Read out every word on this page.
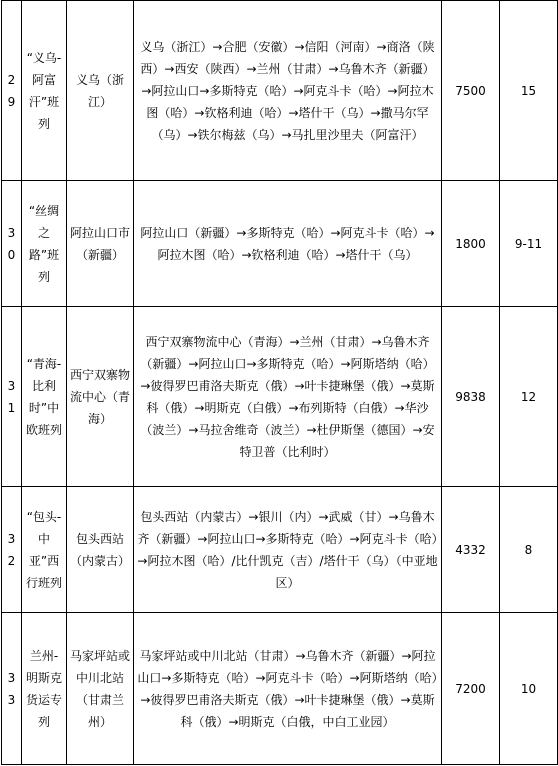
29	“义乌-阿富汗”班列	义乌（浙江）	义乌（浙江）→合肥（安徽）→信阳（河南）→商洛（陕西）→西安（陕西）→兰州（甘肃）→乌鲁木齐（新疆）→阿拉山口→多斯特克（哈）→阿克斗卡（哈）→阿拉木图（哈）→钦格利迪（哈）→塔什干（乌）→撒马尔罕（乌）→铁尔梅兹（乌）→马扎里沙里夫（阿富汗）	7500	15
30	“丝绸之路”班列	阿拉山口市（新疆）	阿拉山口（新疆）→多斯特克（哈）→阿克斗卡（哈）→阿拉木图（哈）→钦格利迪（哈）→塔什干（乌）	1800	9-11
31	“青海-比利时”中欧班列	西宁双寨物流中心（青海）	西宁双寨物流中心（青海）→兰州（甘肃）→乌鲁木齐（新疆）→阿拉山口→多斯特克（哈）→阿斯塔纳（哈）→彼得罗巴甫洛夫斯克（俄）→叶卡捷琳堡（俄）→莫斯科（俄）→明斯克（白俄）→布列斯特（白俄）→华沙（波兰）→马拉舍维奇（波兰）→杜伊斯堡（德国）→安特卫普（比利时）	9838	12
32	“包头-中亚”西行班列	包头西站（内蒙古）	包头西站（内蒙古）→银川（内）→武威（甘）→乌鲁木齐（新疆）→阿拉山口→多斯特克（哈）→阿克斗卡（哈）→阿拉木图（哈）/比什凯克（吉）/塔什干（乌）（中亚地区）	4332	8
33	兰州-明斯克货运专列	马家坪站或中川北站（甘肃兰州）	马家坪站或中川北站（甘肃）→乌鲁木齐（新疆）→阿拉山口→多斯特克（哈）→阿克斗卡（哈）→阿斯塔纳（哈）→彼得罗巴甫洛夫斯克（俄）→叶卡捷琳堡（俄）→莫斯科（俄）→明斯克（白俄，中白工业园）	7200	10
